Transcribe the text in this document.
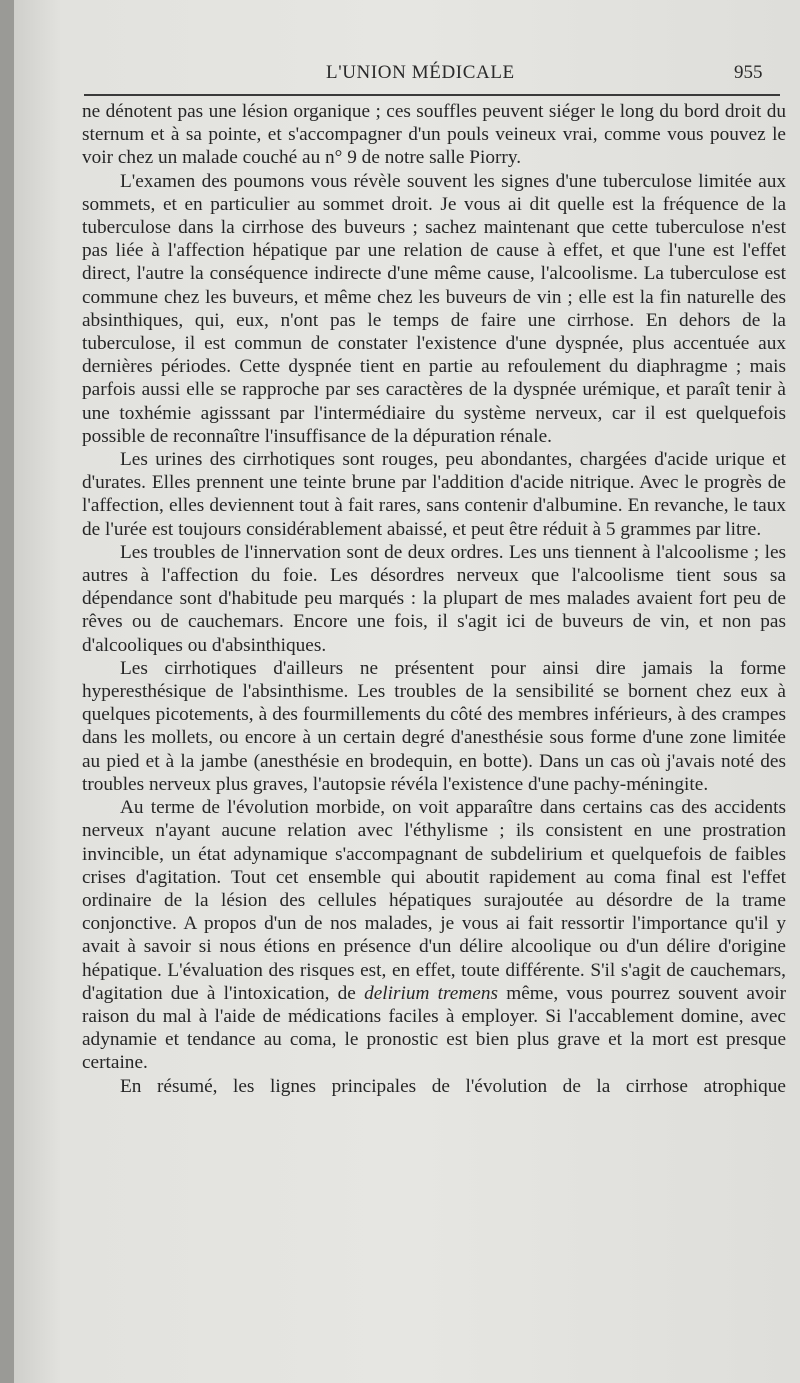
L'UNION MÉDICALE	955

ne dénotent pas une lésion organique ; ces souffles peuvent siéger le long du bord droit du sternum et à sa pointe, et s'accompagner d'un pouls veineux vrai, comme vous pouvez le voir chez un malade couché au n° 9 de notre salle Piorry.

L'examen des poumons vous révèle souvent les signes d'une tuberculose limitée aux sommets, et en particulier au sommet droit. Je vous ai dit quelle est la fréquence de la tuberculose dans la cirrhose des buveurs ; sachez maintenant que cette tuberculose n'est pas liée à l'affection hépatique par une relation de cause à effet, et que l'une est l'effet direct, l'autre la conséquence indirecte d'une même cause, l'alcoolisme. La tuberculose est commune chez les buveurs, et même chez les buveurs de vin ; elle est la fin naturelle des absinthiques, qui, eux, n'ont pas le temps de faire une cirrhose. En dehors de la tuberculose, il est commun de constater l'existence d'une dyspnée, plus accentuée aux dernières périodes. Cette dyspnée tient en partie au refoulement du diaphragme ; mais parfois aussi elle se rapproche par ses caractères de la dyspnée urémique, et paraît tenir à une toxhémie agisssant par l'intermédiaire du système nerveux, car il est quelquefois possible de reconnaître l'insuffisance de la dépuration rénale.

Les urines des cirrhotiques sont rouges, peu abondantes, chargées d'acide urique et d'urates. Elles prennent une teinte brune par l'addition d'acide nitrique. Avec le progrès de l'affection, elles deviennent tout à fait rares, sans contenir d'albumine. En revanche, le taux de l'urée est toujours considérablement abaissé, et peut être réduit à 5 grammes par litre.

Les troubles de l'innervation sont de deux ordres. Les uns tiennent à l'alcoolisme ; les autres à l'affection du foie. Les désordres nerveux que l'alcoolisme tient sous sa dépendance sont d'habitude peu marqués : la plupart de mes malades avaient fort peu de rêves ou de cauchemars. Encore une fois, il s'agit ici de buveurs de vin, et non pas d'alcooliques ou d'absinthiques.

Les cirrhotiques d'ailleurs ne présentent pour ainsi dire jamais la forme hyperesthésique de l'absinthisme. Les troubles de la sensibilité se bornent chez eux à quelques picotements, à des fourmillements du côté des membres inférieurs, à des crampes dans les mollets, ou encore à un certain degré d'anesthésie sous forme d'une zone limitée au pied et à la jambe (anesthésie en brodequin, en botte). Dans un cas où j'avais noté des troubles nerveux plus graves, l'autopsie révéla l'existence d'une pachy-méningite.

Au terme de l'évolution morbide, on voit apparaître dans certains cas des accidents nerveux n'ayant aucune relation avec l'éthylisme ; ils consistent en une prostration invincible, un état adynamique s'accompagnant de subdelirium et quelquefois de faibles crises d'agitation. Tout cet ensemble qui aboutit rapidement au coma final est l'effet ordinaire de la lésion des cellules hépatiques surajoutée au désordre de la trame conjonctive. A propos d'un de nos malades, je vous ai fait ressortir l'importance qu'il y avait à savoir si nous étions en présence d'un délire alcoolique ou d'un délire d'origine hépatique. L'évaluation des risques est, en effet, toute différente. S'il s'agit de cauchemars, d'agitation due à l'intoxication, de delirium tremens même, vous pourrez souvent avoir raison du mal à l'aide de médications faciles à employer. Si l'accablement domine, avec adynamie et tendance au coma, le pronostic est bien plus grave et la mort est presque certaine.

En résumé, les lignes principales de l'évolution de la cirrhose atrophique
